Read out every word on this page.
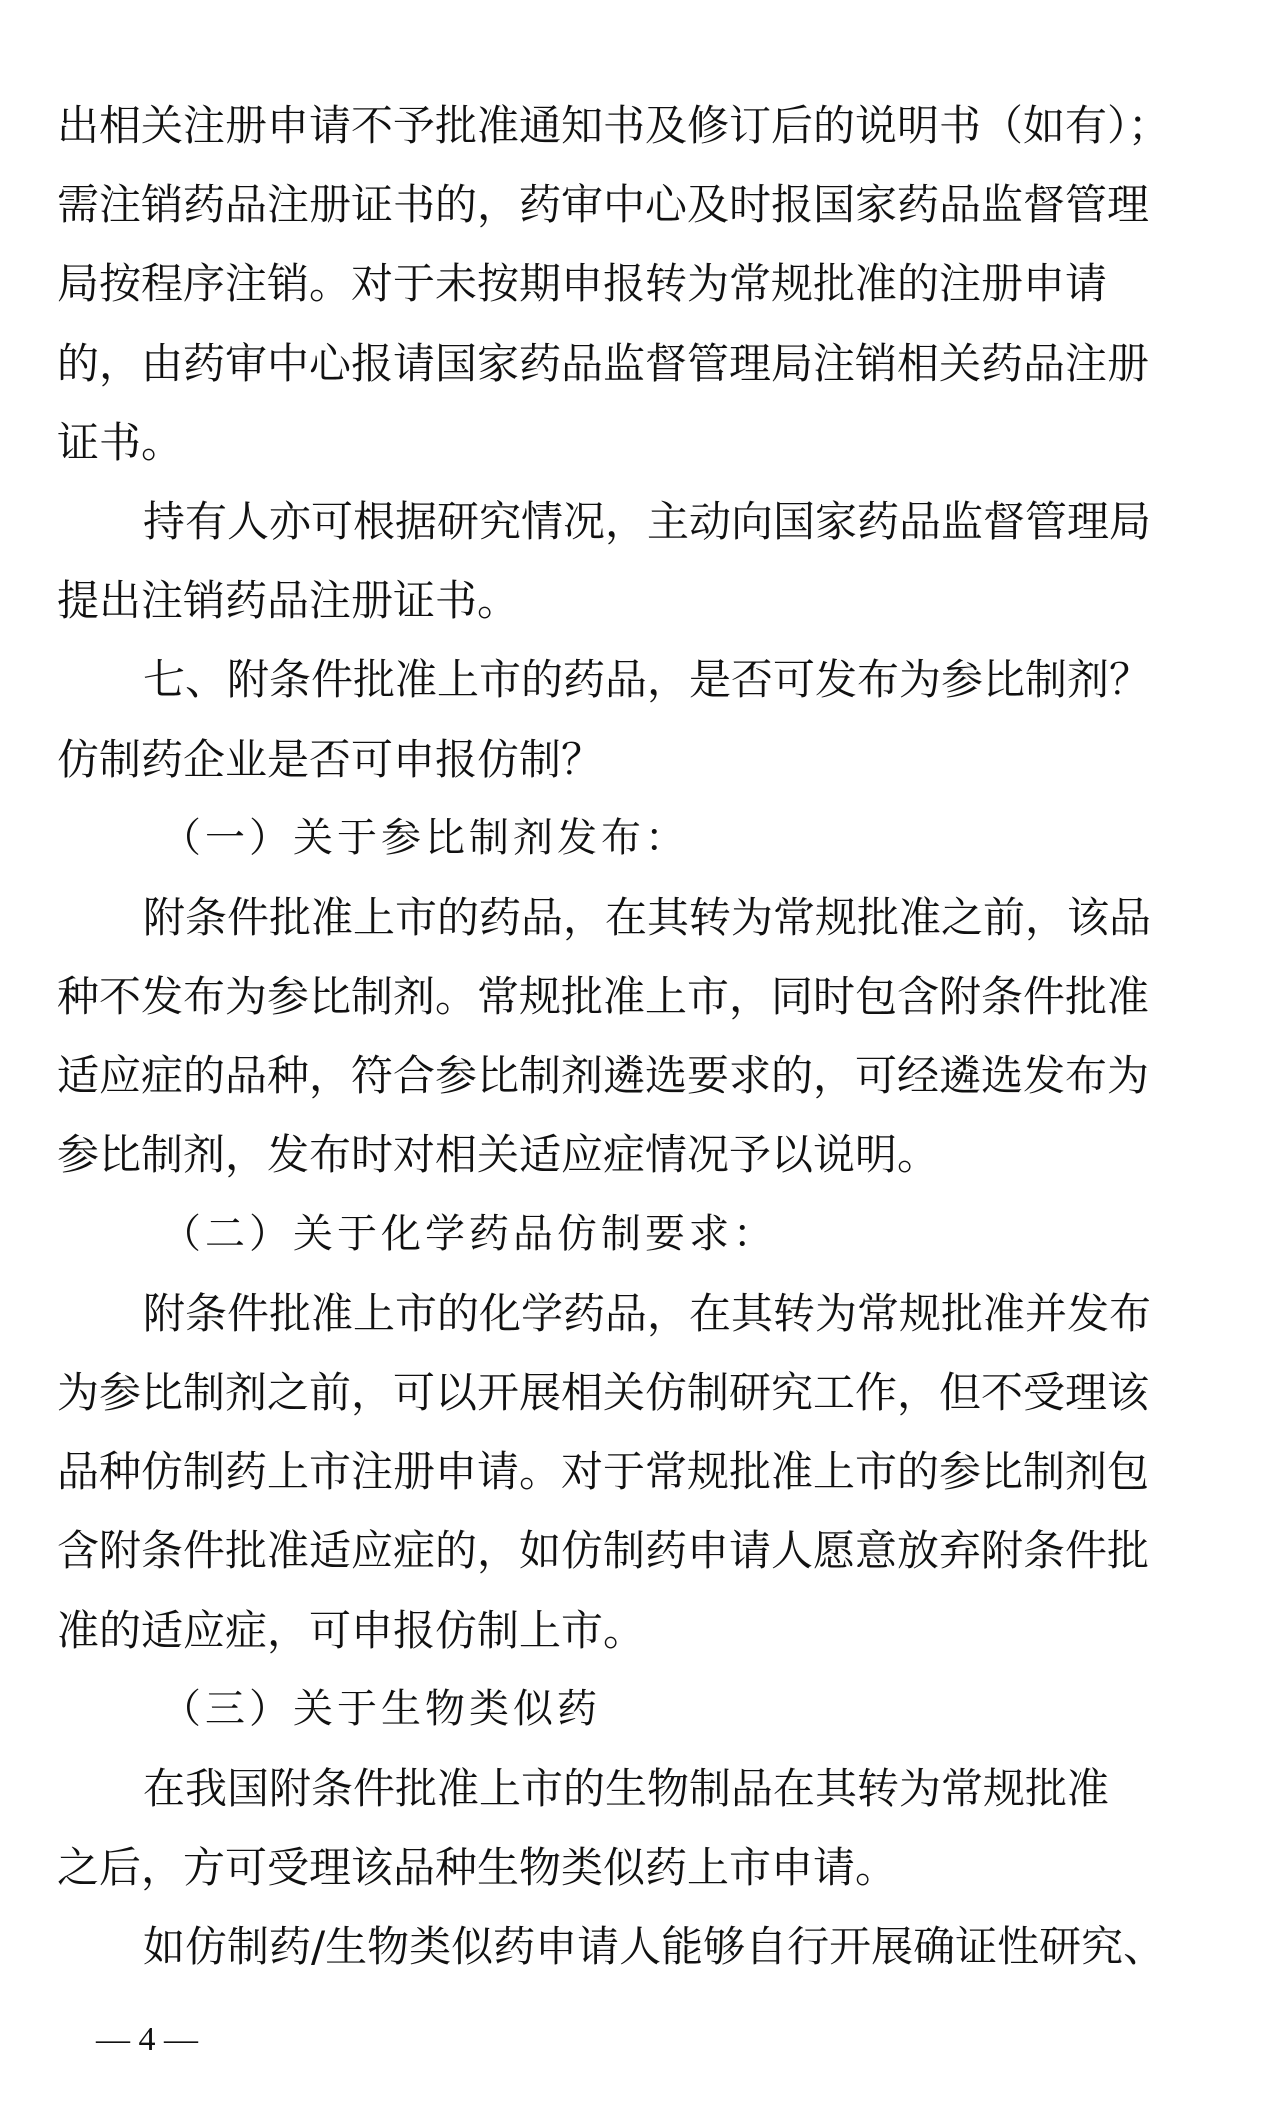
出相关注册申请不予批准通知书及修订后的说明书（如有）；
需注销药品注册证书的，药审中心及时报国家药品监督管理
局按程序注销。对于未按期申报转为常规批准的注册申请
的，由药审中心报请国家药品监督管理局注销相关药品注册
证书。
持有人亦可根据研究情况，主动向国家药品监督管理局
提出注销药品注册证书。
七、附条件批准上市的药品，是否可发布为参比制剂？
仿制药企业是否可申报仿制？
（一）关于参比制剂发布：
附条件批准上市的药品，在其转为常规批准之前，该品
种不发布为参比制剂。常规批准上市，同时包含附条件批准
适应症的品种，符合参比制剂遴选要求的，可经遴选发布为
参比制剂，发布时对相关适应症情况予以说明。
（二）关于化学药品仿制要求：
附条件批准上市的化学药品，在其转为常规批准并发布
为参比制剂之前，可以开展相关仿制研究工作，但不受理该
品种仿制药上市注册申请。对于常规批准上市的参比制剂包
含附条件批准适应症的，如仿制药申请人愿意放弃附条件批
准的适应症，可申报仿制上市。
（三）关于生物类似药
在我国附条件批准上市的生物制品在其转为常规批准
之后，方可受理该品种生物类似药上市申请。
如仿制药/生物类似药申请人能够自行开展确证性研究、
— 4 —
